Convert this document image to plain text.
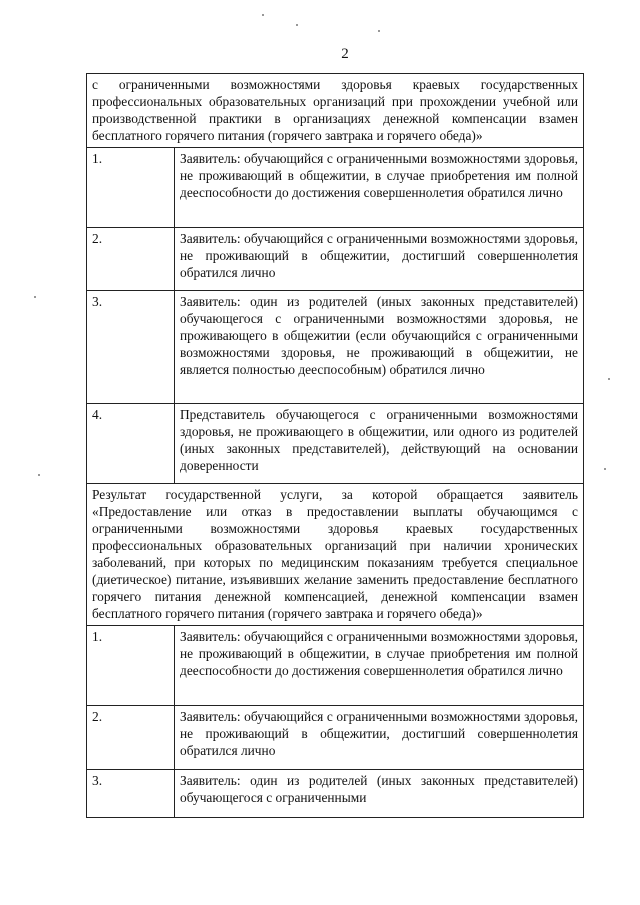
2
с ограниченными возможностями здоровья краевых государственных профессиональных образовательных организаций при прохождении учебной или производственной практики в организациях денежной компенсации взамен бесплатного горячего питания (горячего завтрака и горячего обеда)»	
1.	Заявитель: обучающийся с ограниченными возможностями здоровья, не проживающий в общежитии, в случае приобретения им полной дееспособности до достижения совершеннолетия обратился лично
2.	Заявитель: обучающийся с ограниченными возможностями здоровья, не проживающий в общежитии, достигший совершеннолетия обратился лично
3.	Заявитель: один из родителей (иных законных представителей) обучающегося с ограниченными возможностями здоровья, не проживающего в общежитии (если обучающийся с ограниченными возможностями здоровья, не проживающий в общежитии, не является полностью дееспособным) обратился лично
4.	Представитель обучающегося с ограниченными возможностями здоровья, не проживающего в общежитии, или одного из родителей (иных законных представителей), действующий на основании доверенности
Результат государственной услуги, за которой обращается заявитель «Предоставление или отказ в предоставлении выплаты обучающимся с ограниченными возможностями здоровья краевых государственных профессиональных образовательных организаций при наличии хронических заболеваний, при которых по медицинским показаниям требуется специальное (диетическое) питание, изъявивших желание заменить предоставление бесплатного горячего питания денежной компенсацией, денежной компенсации взамен бесплатного горячего питания (горячего завтрака и горячего обеда)»	
1.	Заявитель: обучающийся с ограниченными возможностями здоровья, не проживающий в общежитии, в случае приобретения им полной дееспособности до достижения совершеннолетия обратился лично
2.	Заявитель: обучающийся с ограниченными возможностями здоровья, не проживающий в общежитии, достигший совершеннолетия обратился лично
3.	Заявитель: один из родителей (иных законных представителей) обучающегося с ограниченными
